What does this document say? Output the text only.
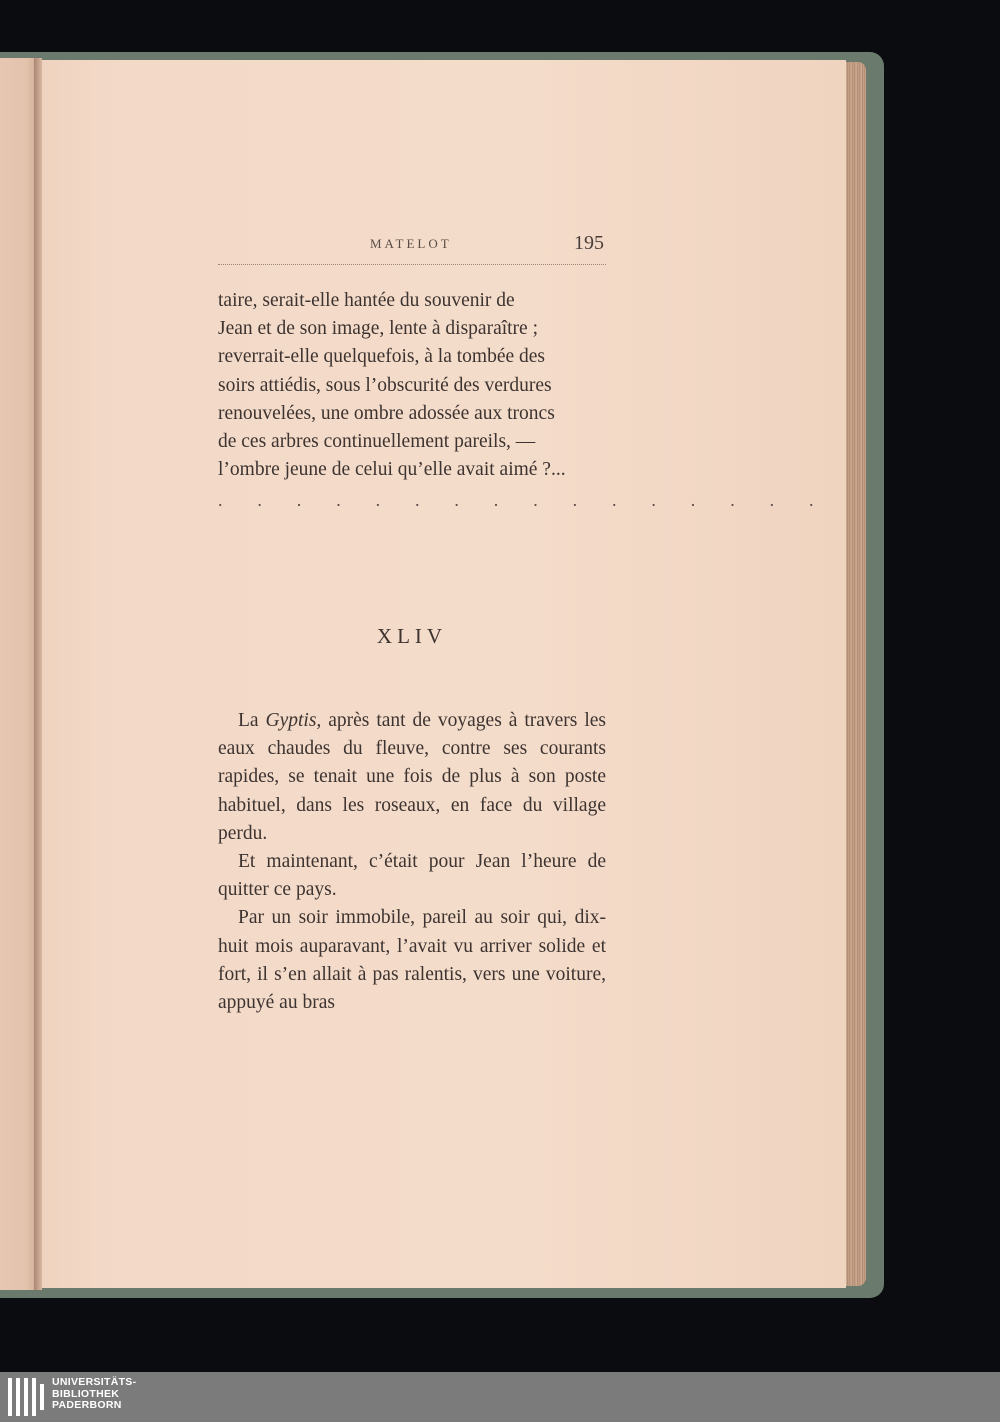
MATELOT	195

taire, serait-elle hantée du souvenir de

Jean et de son image, lente à disparaître ;

reverrait-elle quelquefois, à la tombée des

soirs attiédis, sous l’obscurité des verdures

renouvelées, une ombre adossée aux troncs

de ces arbres continuellement pareils, —

l’ombre jeune de celui qu’elle avait aimé ?...

. . . . . . . . . . . . . . . .
XLIV

La Gyptis, après tant de voyages à travers les eaux chaudes du fleuve, contre ses courants rapides, se tenait une fois de plus à son poste habituel, dans les roseaux, en face du village perdu.

Et maintenant, c’était pour Jean l’heure de quitter ce pays.

Par un soir immobile, pareil au soir qui, dix-huit mois auparavant, l’avait vu arriver solide et fort, il s’en allait à pas ralentis, vers une voiture, appuyé au bras

UNIVERSITÄTS-
BIBLIOTHEK
PADERBORN
